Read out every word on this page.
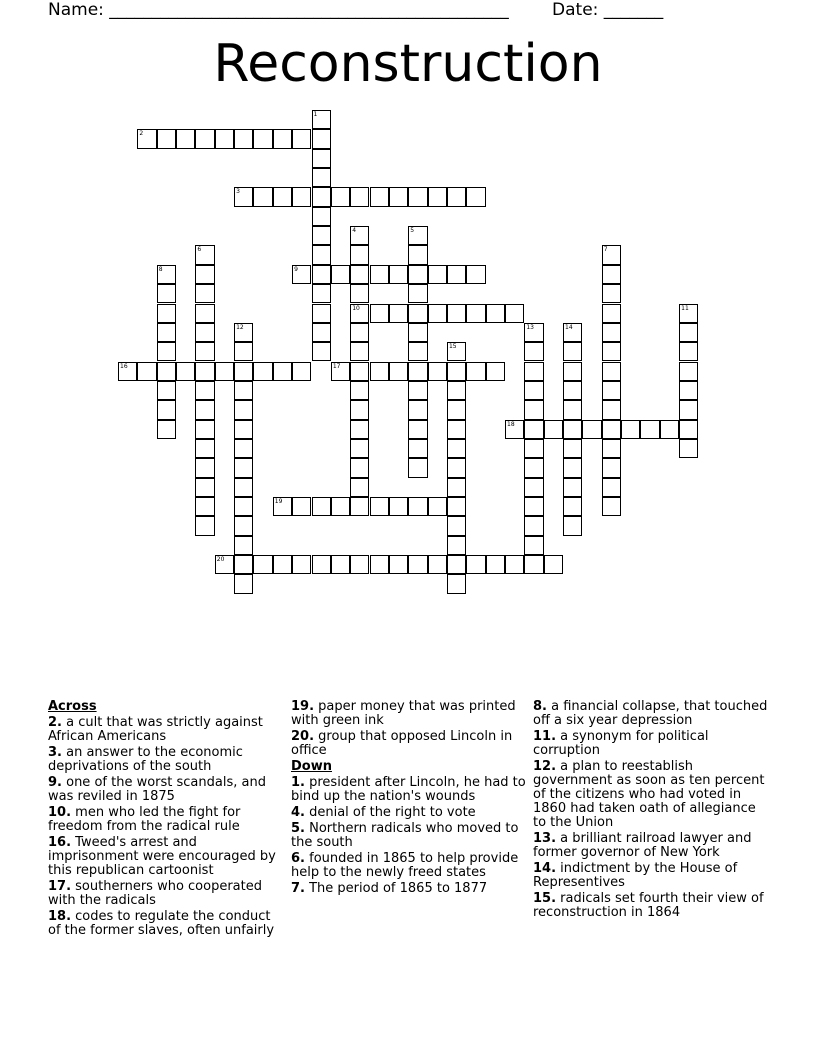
Name: _______________________________________________	Date: _______
Reconstruction
1
2
3
4	5
6	7
8	9
10	11
12	13	14
15
16	17
18
19
20
Across
2. a cult that was strictly against African Americans
3. an answer to the economic deprivations of the south
9. one of the worst scandals, and was reviled in 1875
10. men who led the fight for freedom from the radical rule
16. Tweed's arrest and imprisonment were encouraged by this republican cartoonist
17. southerners who cooperated with the radicals
18. codes to regulate the conduct of the former slaves, often unfairly
19. paper money that was printed with green ink
20. group that opposed Lincoln in office
Down
1. president after Lincoln, he had to bind up the nation's wounds
4. denial of the right to vote
5. Northern radicals who moved to the south
6. founded in 1865 to help provide help to the newly freed states
7. The period of 1865 to 1877
8. a financial collapse, that touched off a six year depression
11. a synonym for political corruption
12. a plan to reestablish government as soon as ten percent of the citizens who had voted in 1860 had taken oath of allegiance to the Union
13. a brilliant railroad lawyer and former governor of New York
14. indictment by the House of Representives
15. radicals set fourth their view of reconstruction in 1864
